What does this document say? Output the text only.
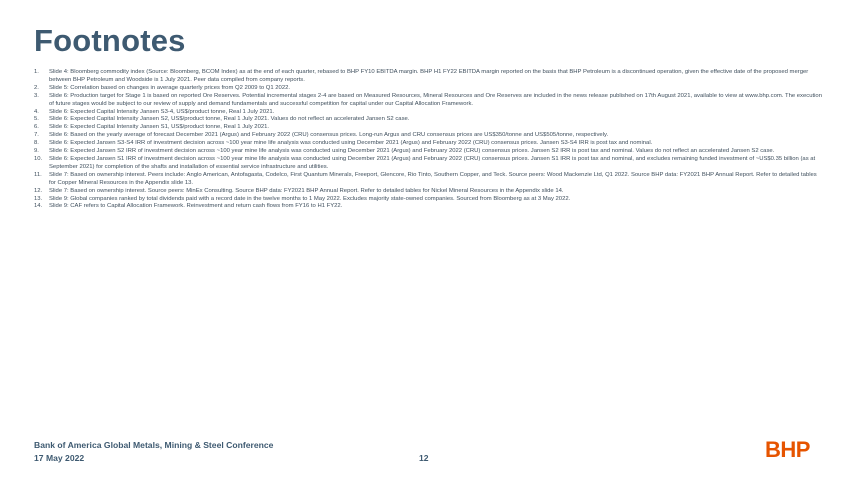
Footnotes
1.	Slide 4: Bloomberg commodity index (Source: Bloomberg, BCOM Index) as at the end of each quarter, rebased to BHP FY10 EBITDA margin. BHP H1 FY22 EBITDA margin reported on the basis that BHP Petroleum is a discontinued operation, given the effective date of the proposed merger between BHP Petroleum and Woodside is 1 July 2021. Peer data compiled from company reports.
2.	Slide 5: Correlation based on changes in average quarterly prices from Q2 2009 to Q1 2022.
3.	Slide 6: Production target for Stage 1 is based on reported Ore Reserves. Potential incremental stages 2-4 are based on Measured Resources, Mineral Resources and Ore Reserves are included in the news release published on 17th August 2021, available to view at www.bhp.com. The execution of future stages would be subject to our review of supply and demand fundamentals and successful competition for capital under our Capital Allocation Framework.
4.	Slide 6: Expected Capital Intensity Jansen S3-4, US$/product tonne, Real 1 July 2021.
5.	Slide 6: Expected Capital Intensity Jansen S2, US$/product tonne, Real 1 July 2021. Values do not reflect an accelerated Jansen S2 case.
6.	Slide 6: Expected Capital Intensity Jansen S1, US$/product tonne, Real 1 July 2021.
7.	Slide 6: Based on the yearly average of forecast December 2021 (Argus) and February 2022 (CRU) consensus prices. Long-run Argus and CRU consensus prices are US$350/tonne and US$505/tonne, respectively.
8.	Slide 6: Expected Jansen S3-S4 IRR of investment decision across ~100 year mine life analysis was conducted using December 2021 (Argus) and February 2022 (CRU) consensus prices. Jansen S3-S4 IRR is post tax and nominal.
9.	Slide 6: Expected Jansen S2 IRR of investment decision across ~100 year mine life analysis was conducted using December 2021 (Argus) and February 2022 (CRU) consensus prices. Jansen S2 IRR is post tax and nominal. Values do not reflect an accelerated Jansen S2 case.
10.	Slide 6: Expected Jansen S1 IRR of investment decision across ~100 year mine life analysis was conducted using December 2021 (Argus) and February 2022 (CRU) consensus prices. Jansen S1 IRR is post tax and nominal, and excludes remaining funded investment of ~US$0.35 billion (as at September 2021) for completion of the shafts and installation of essential service infrastructure and utilities.
11.	Slide 7: Based on ownership interest. Peers include: Anglo American, Antofagasta, Codelco, First Quantum Minerals, Freeport, Glencore, Rio Tinto, Southern Copper, and Teck. Source peers: Wood Mackenzie Ltd, Q1 2022. Source BHP data: FY2021 BHP Annual Report. Refer to detailed tables for Copper Mineral Resources in the Appendix slide 13.
12.	Slide 7: Based on ownership interest. Source peers: MinEx Consulting. Source BHP data: FY2021 BHP Annual Report. Refer to detailed tables for Nickel Mineral Resources in the Appendix slide 14.
13.	Slide 9: Global companies ranked by total dividends paid with a record date in the twelve months to 1 May 2022. Excludes majority state-owned companies. Sourced from Bloomberg as at 3 May 2022.
14.	Slide 9: CAF refers to Capital Allocation Framework. Reinvestment and return cash flows from FY16 to H1 FY22.
Bank of America Global Metals, Mining & Steel Conference
17 May 2022	12	BHP
